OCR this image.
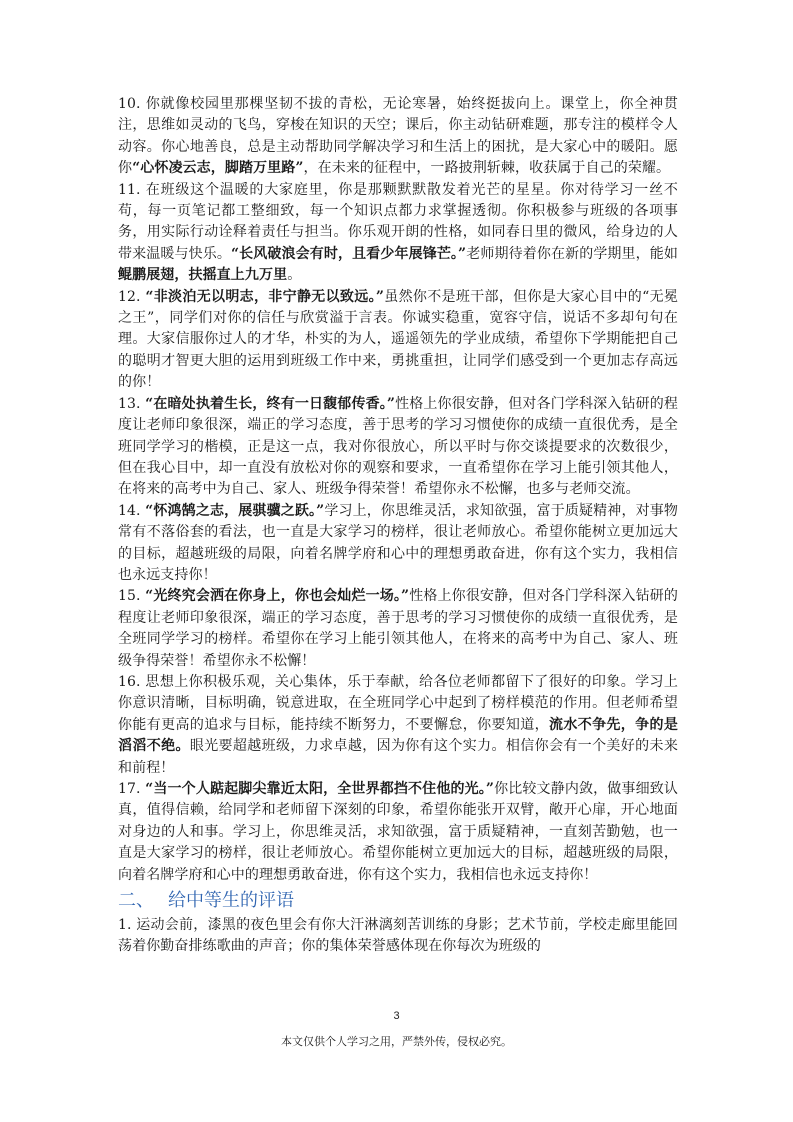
10. 你就像校园里那棵坚韧不拔的青松，无论寒暑，始终挺拔向上。课堂上，你全神贯注，思维如灵动的飞鸟，穿梭在知识的天空；课后，你主动钻研难题，那专注的模样令人动容。你心地善良，总是主动帮助同学解决学习和生活上的困扰，是大家心中的暖阳。愿你“心怀凌云志，脚踏万里路”，在未来的征程中，一路披荆斩棘，收获属于自己的荣耀。

11. 在班级这个温暖的大家庭里，你是那颗默默散发着光芒的星星。你对待学习一丝不苟，每一页笔记都工整细致，每一个知识点都力求掌握透彻。你积极参与班级的各项事务，用实际行动诠释着责任与担当。你乐观开朗的性格，如同春日里的微风，给身边的人带来温暖与快乐。“长风破浪会有时，且看少年展锋芒。”老师期待着你在新的学期里，能如鲲鹏展翅，扶摇直上九万里。

12. “非淡泊无以明志，非宁静无以致远。”虽然你不是班干部，但你是大家心目中的“无冕之王”，同学们对你的信任与欣赏溢于言表。你诚实稳重，宽容守信，说话不多却句句在理。大家信服你过人的才华，朴实的为人，遥遥领先的学业成绩，希望你下学期能把自己的聪明才智更大胆的运用到班级工作中来，勇挑重担，让同学们感受到一个更加志存高远的你！

13. “在暗处执着生长，终有一日馥郁传香。”性格上你很安静，但对各门学科深入钻研的程度让老师印象很深，端正的学习态度，善于思考的学习习惯使你的成绩一直很优秀，是全班同学学习的楷模，正是这一点，我对你很放心，所以平时与你交谈提要求的次数很少，但在我心目中，却一直没有放松对你的观察和要求，一直希望你在学习上能引领其他人，在将来的高考中为自己、家人、班级争得荣誉！希望你永不松懈，也多与老师交流。

14. “怀鸿鹄之志，展骐骥之跃。”学习上，你思维灵活，求知欲强，富于质疑精神，对事物常有不落俗套的看法，也一直是大家学习的榜样，很让老师放心。希望你能树立更加远大的目标，超越班级的局限，向着名牌学府和心中的理想勇敢奋进，你有这个实力，我相信也永远支持你！

15. “光终究会洒在你身上，你也会灿烂一场。”性格上你很安静，但对各门学科深入钻研的程度让老师印象很深，端正的学习态度，善于思考的学习习惯使你的成绩一直很优秀，是全班同学学习的榜样。希望你在学习上能引领其他人，在将来的高考中为自己、家人、班级争得荣誉！希望你永不松懈！

16. 思想上你积极乐观，关心集体，乐于奉献，给各位老师都留下了很好的印象。学习上你意识清晰，目标明确，锐意进取，在全班同学心中起到了榜样模范的作用。但老师希望你能有更高的追求与目标，能持续不断努力，不要懈怠，你要知道，流水不争先，争的是滔滔不绝。眼光要超越班级，力求卓越，因为你有这个实力。相信你会有一个美好的未来和前程！

17. “当一个人踮起脚尖靠近太阳，全世界都挡不住他的光。”你比较文静内敛，做事细致认真，值得信赖，给同学和老师留下深刻的印象，希望你能张开双臂，敞开心扉，开心地面对身边的人和事。学习上，你思维灵活，求知欲强，富于质疑精神，一直刻苦勤勉，也一直是大家学习的榜样，很让老师放心。希望你能树立更加远大的目标，超越班级的局限，向着名牌学府和心中的理想勇敢奋进，你有这个实力，我相信也永远支持你！

二、 给中等生的评语

1. 运动会前，漆黑的夜色里会有你大汗淋漓刻苦训练的身影；艺术节前，学校走廊里能回荡着你勤奋排练歌曲的声音；你的集体荣誉感体现在你每次为班级的

3
本文仅供个人学习之用，严禁外传，侵权必究。
